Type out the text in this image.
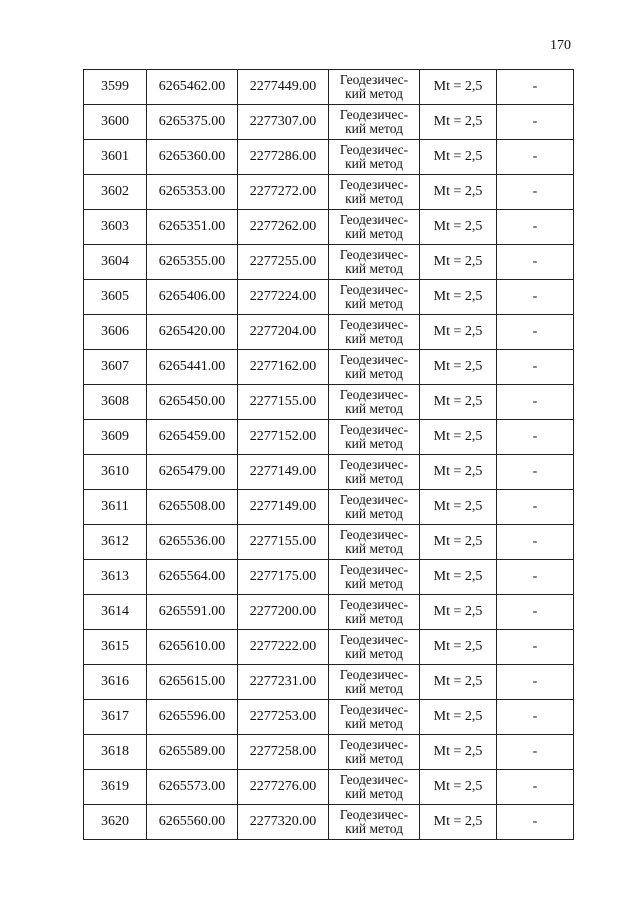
170
3599	6265462.00	2277449.00	Геодезичес-
кий метод	Mt = 2,5	-
3600	6265375.00	2277307.00	Геодезичес-
кий метод	Mt = 2,5	-
3601	6265360.00	2277286.00	Геодезичес-
кий метод	Mt = 2,5	-
3602	6265353.00	2277272.00	Геодезичес-
кий метод	Mt = 2,5	-
3603	6265351.00	2277262.00	Геодезичес-
кий метод	Mt = 2,5	-
3604	6265355.00	2277255.00	Геодезичес-
кий метод	Mt = 2,5	-
3605	6265406.00	2277224.00	Геодезичес-
кий метод	Mt = 2,5	-
3606	6265420.00	2277204.00	Геодезичес-
кий метод	Mt = 2,5	-
3607	6265441.00	2277162.00	Геодезичес-
кий метод	Mt = 2,5	-
3608	6265450.00	2277155.00	Геодезичес-
кий метод	Mt = 2,5	-
3609	6265459.00	2277152.00	Геодезичес-
кий метод	Mt = 2,5	-
3610	6265479.00	2277149.00	Геодезичес-
кий метод	Mt = 2,5	-
3611	6265508.00	2277149.00	Геодезичес-
кий метод	Mt = 2,5	-
3612	6265536.00	2277155.00	Геодезичес-
кий метод	Mt = 2,5	-
3613	6265564.00	2277175.00	Геодезичес-
кий метод	Mt = 2,5	-
3614	6265591.00	2277200.00	Геодезичес-
кий метод	Mt = 2,5	-
3615	6265610.00	2277222.00	Геодезичес-
кий метод	Mt = 2,5	-
3616	6265615.00	2277231.00	Геодезичес-
кий метод	Mt = 2,5	-
3617	6265596.00	2277253.00	Геодезичес-
кий метод	Mt = 2,5	-
3618	6265589.00	2277258.00	Геодезичес-
кий метод	Mt = 2,5	-
3619	6265573.00	2277276.00	Геодезичес-
кий метод	Mt = 2,5	-
3620	6265560.00	2277320.00	Геодезичес-
кий метод	Mt = 2,5	-
